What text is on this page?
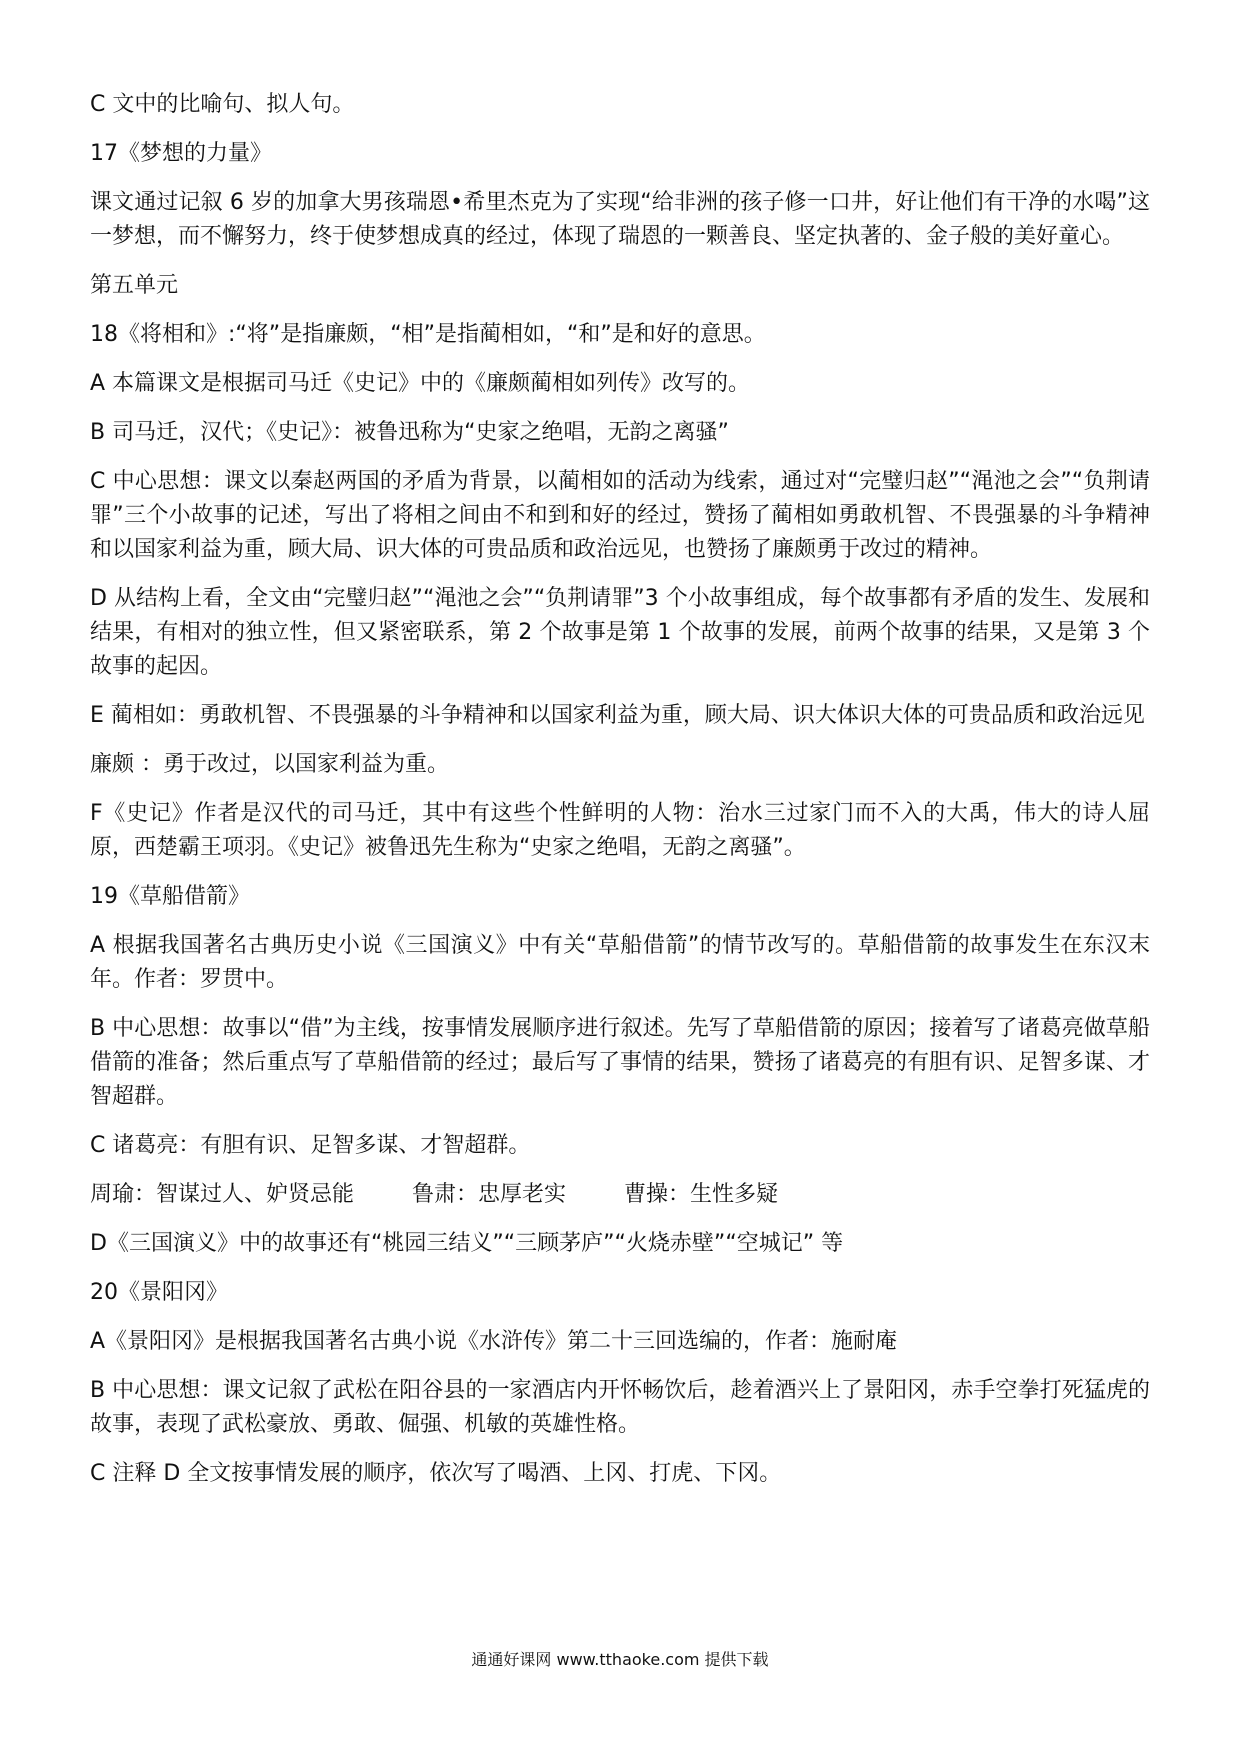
C 文中的比喻句、拟人句。

17《梦想的力量》

课文通过记叙 6 岁的加拿大男孩瑞恩•希里杰克为了实现“给非洲的孩子修一口井，好让他们有干净的水喝”这一梦想，而不懈努力，终于使梦想成真的经过，体现了瑞恩的一颗善良、坚定执著的、金子般的美好童心。

第五单元

18《将相和》:“将”是指廉颇，“相”是指蔺相如，“和”是和好的意思。

A 本篇课文是根据司马迁《史记》中的《廉颇蔺相如列传》改写的。

B 司马迁，汉代；《史记》：被鲁迅称为“史家之绝唱，无韵之离骚”

C 中心思想：课文以秦赵两国的矛盾为背景，以蔺相如的活动为线索，通过对“完璧归赵”“渑池之会”“负荆请罪”三个小故事的记述，写出了将相之间由不和到和好的经过，赞扬了蔺相如勇敢机智、不畏强暴的斗争精神和以国家利益为重，顾大局、识大体的可贵品质和政治远见，也赞扬了廉颇勇于改过的精神。

D 从结构上看，全文由“完璧归赵”“渑池之会”“负荆请罪”3 个小故事组成，每个故事都有矛盾的发生、发展和结果，有相对的独立性，但又紧密联系，第 2 个故事是第 1 个故事的发展，前两个故事的结果，又是第 3 个故事的起因。

E 蔺相如：勇敢机智、不畏强暴的斗争精神和以国家利益为重，顾大局、识大体识大体的可贵品质和政治远见

廉颇 ：勇于改过，以国家利益为重。

F《史记》作者是汉代的司马迁，其中有这些个性鲜明的人物：治水三过家门而不入的大禹，伟大的诗人屈原，西楚霸王项羽。《史记》被鲁迅先生称为“史家之绝唱，无韵之离骚”。

19《草船借箭》

A 根据我国著名古典历史小说《三国演义》中有关“草船借箭”的情节改写的。草船借箭的故事发生在东汉末年。作者：罗贯中。

B 中心思想：故事以“借”为主线，按事情发展顺序进行叙述。先写了草船借箭的原因；接着写了诸葛亮做草船借箭的准备；然后重点写了草船借箭的经过；最后写了事情的结果，赞扬了诸葛亮的有胆有识、足智多谋、才智超群。

C 诸葛亮：有胆有识、足智多谋、才智超群。

周瑜：智谋过人、妒贤忌能	鲁肃：忠厚老实	曹操：生性多疑

D《三国演义》中的故事还有“桃园三结义”“三顾茅庐”“火烧赤壁”“空城记” 等

20《景阳冈》

A《景阳冈》是根据我国著名古典小说《水浒传》第二十三回选编的，作者：施耐庵

B 中心思想：课文记叙了武松在阳谷县的一家酒店内开怀畅饮后，趁着酒兴上了景阳冈，赤手空拳打死猛虎的故事，表现了武松豪放、勇敢、倔强、机敏的英雄性格。

C 注释 D 全文按事情发展的顺序，依次写了喝酒、上冈、打虎、下冈。

通通好课网 www.tthaoke.com 提供下载
